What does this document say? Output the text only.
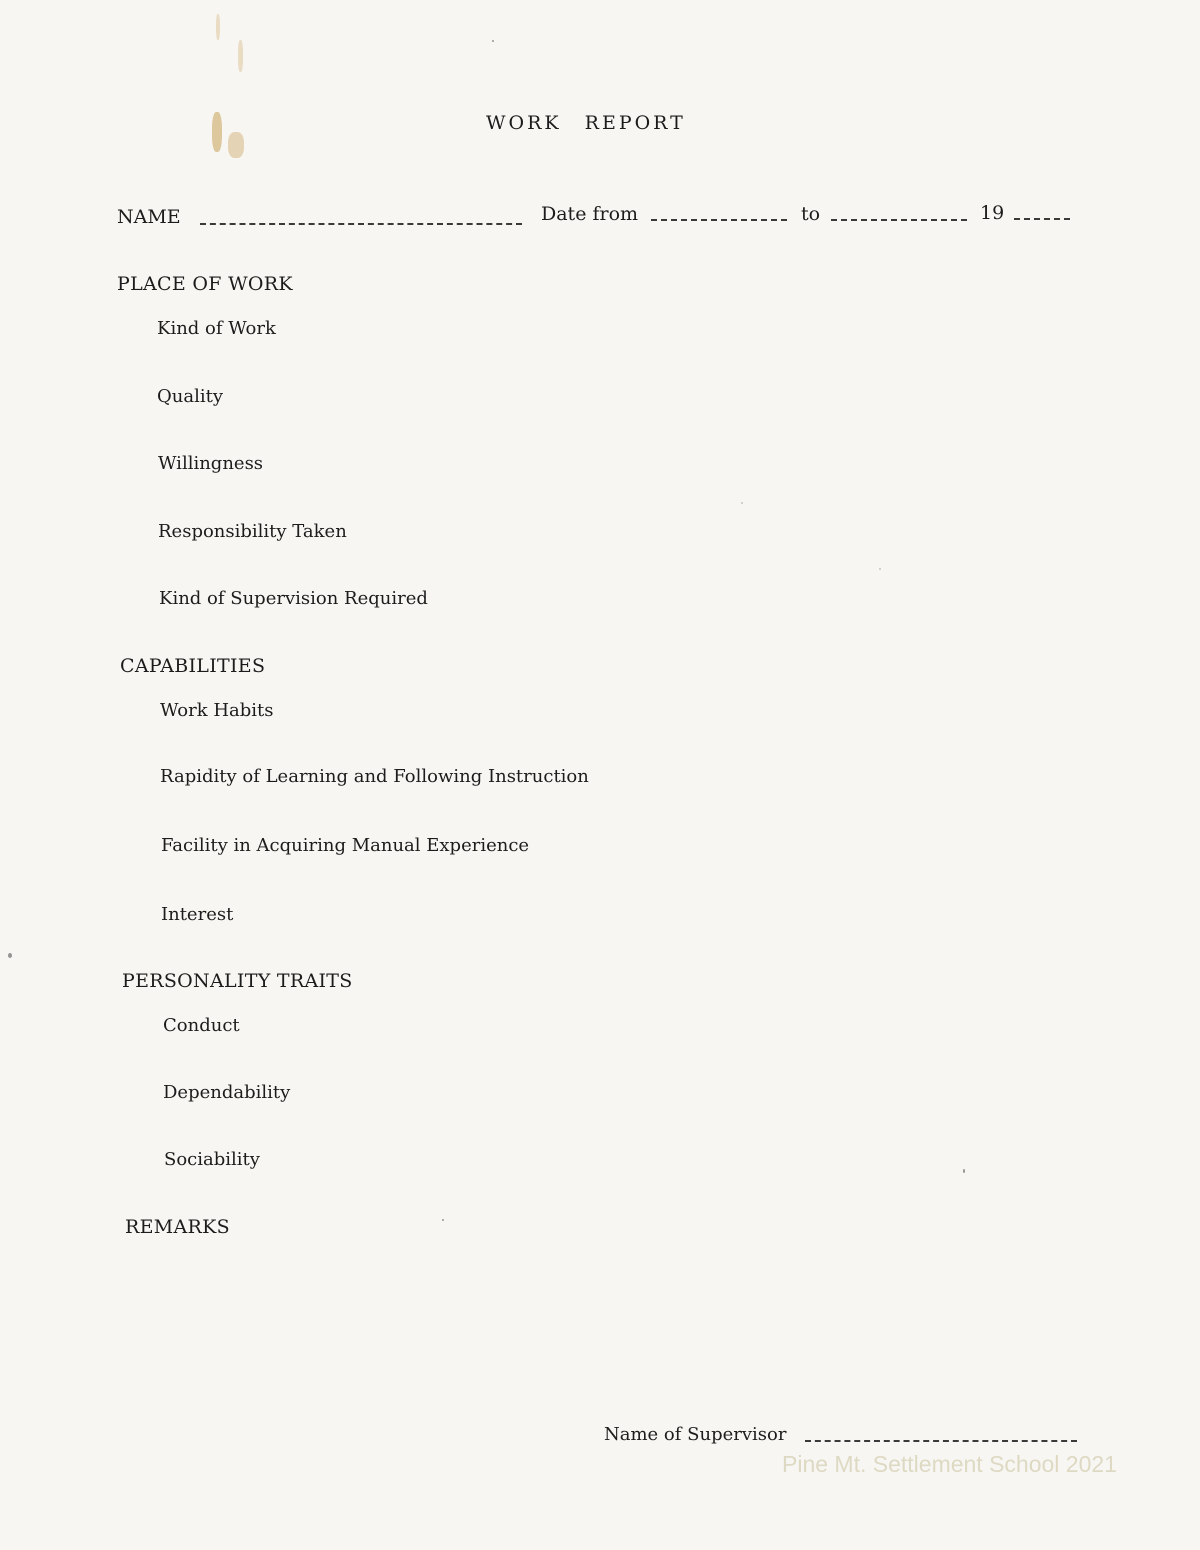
WORK REPORT
NAME	Date from	to	19
PLACE OF WORK
Kind of Work
Quality
Willingness
Responsibility Taken
Kind of Supervision Required
CAPABILITIES
Work Habits
Rapidity of Learning and Following Instruction
Facility in Acquiring Manual Experience
Interest
PERSONALITY TRAITS
Conduct
Dependability
Sociability
REMARKS
Name of Supervisor
Pine Mt. Settlement School 2021
